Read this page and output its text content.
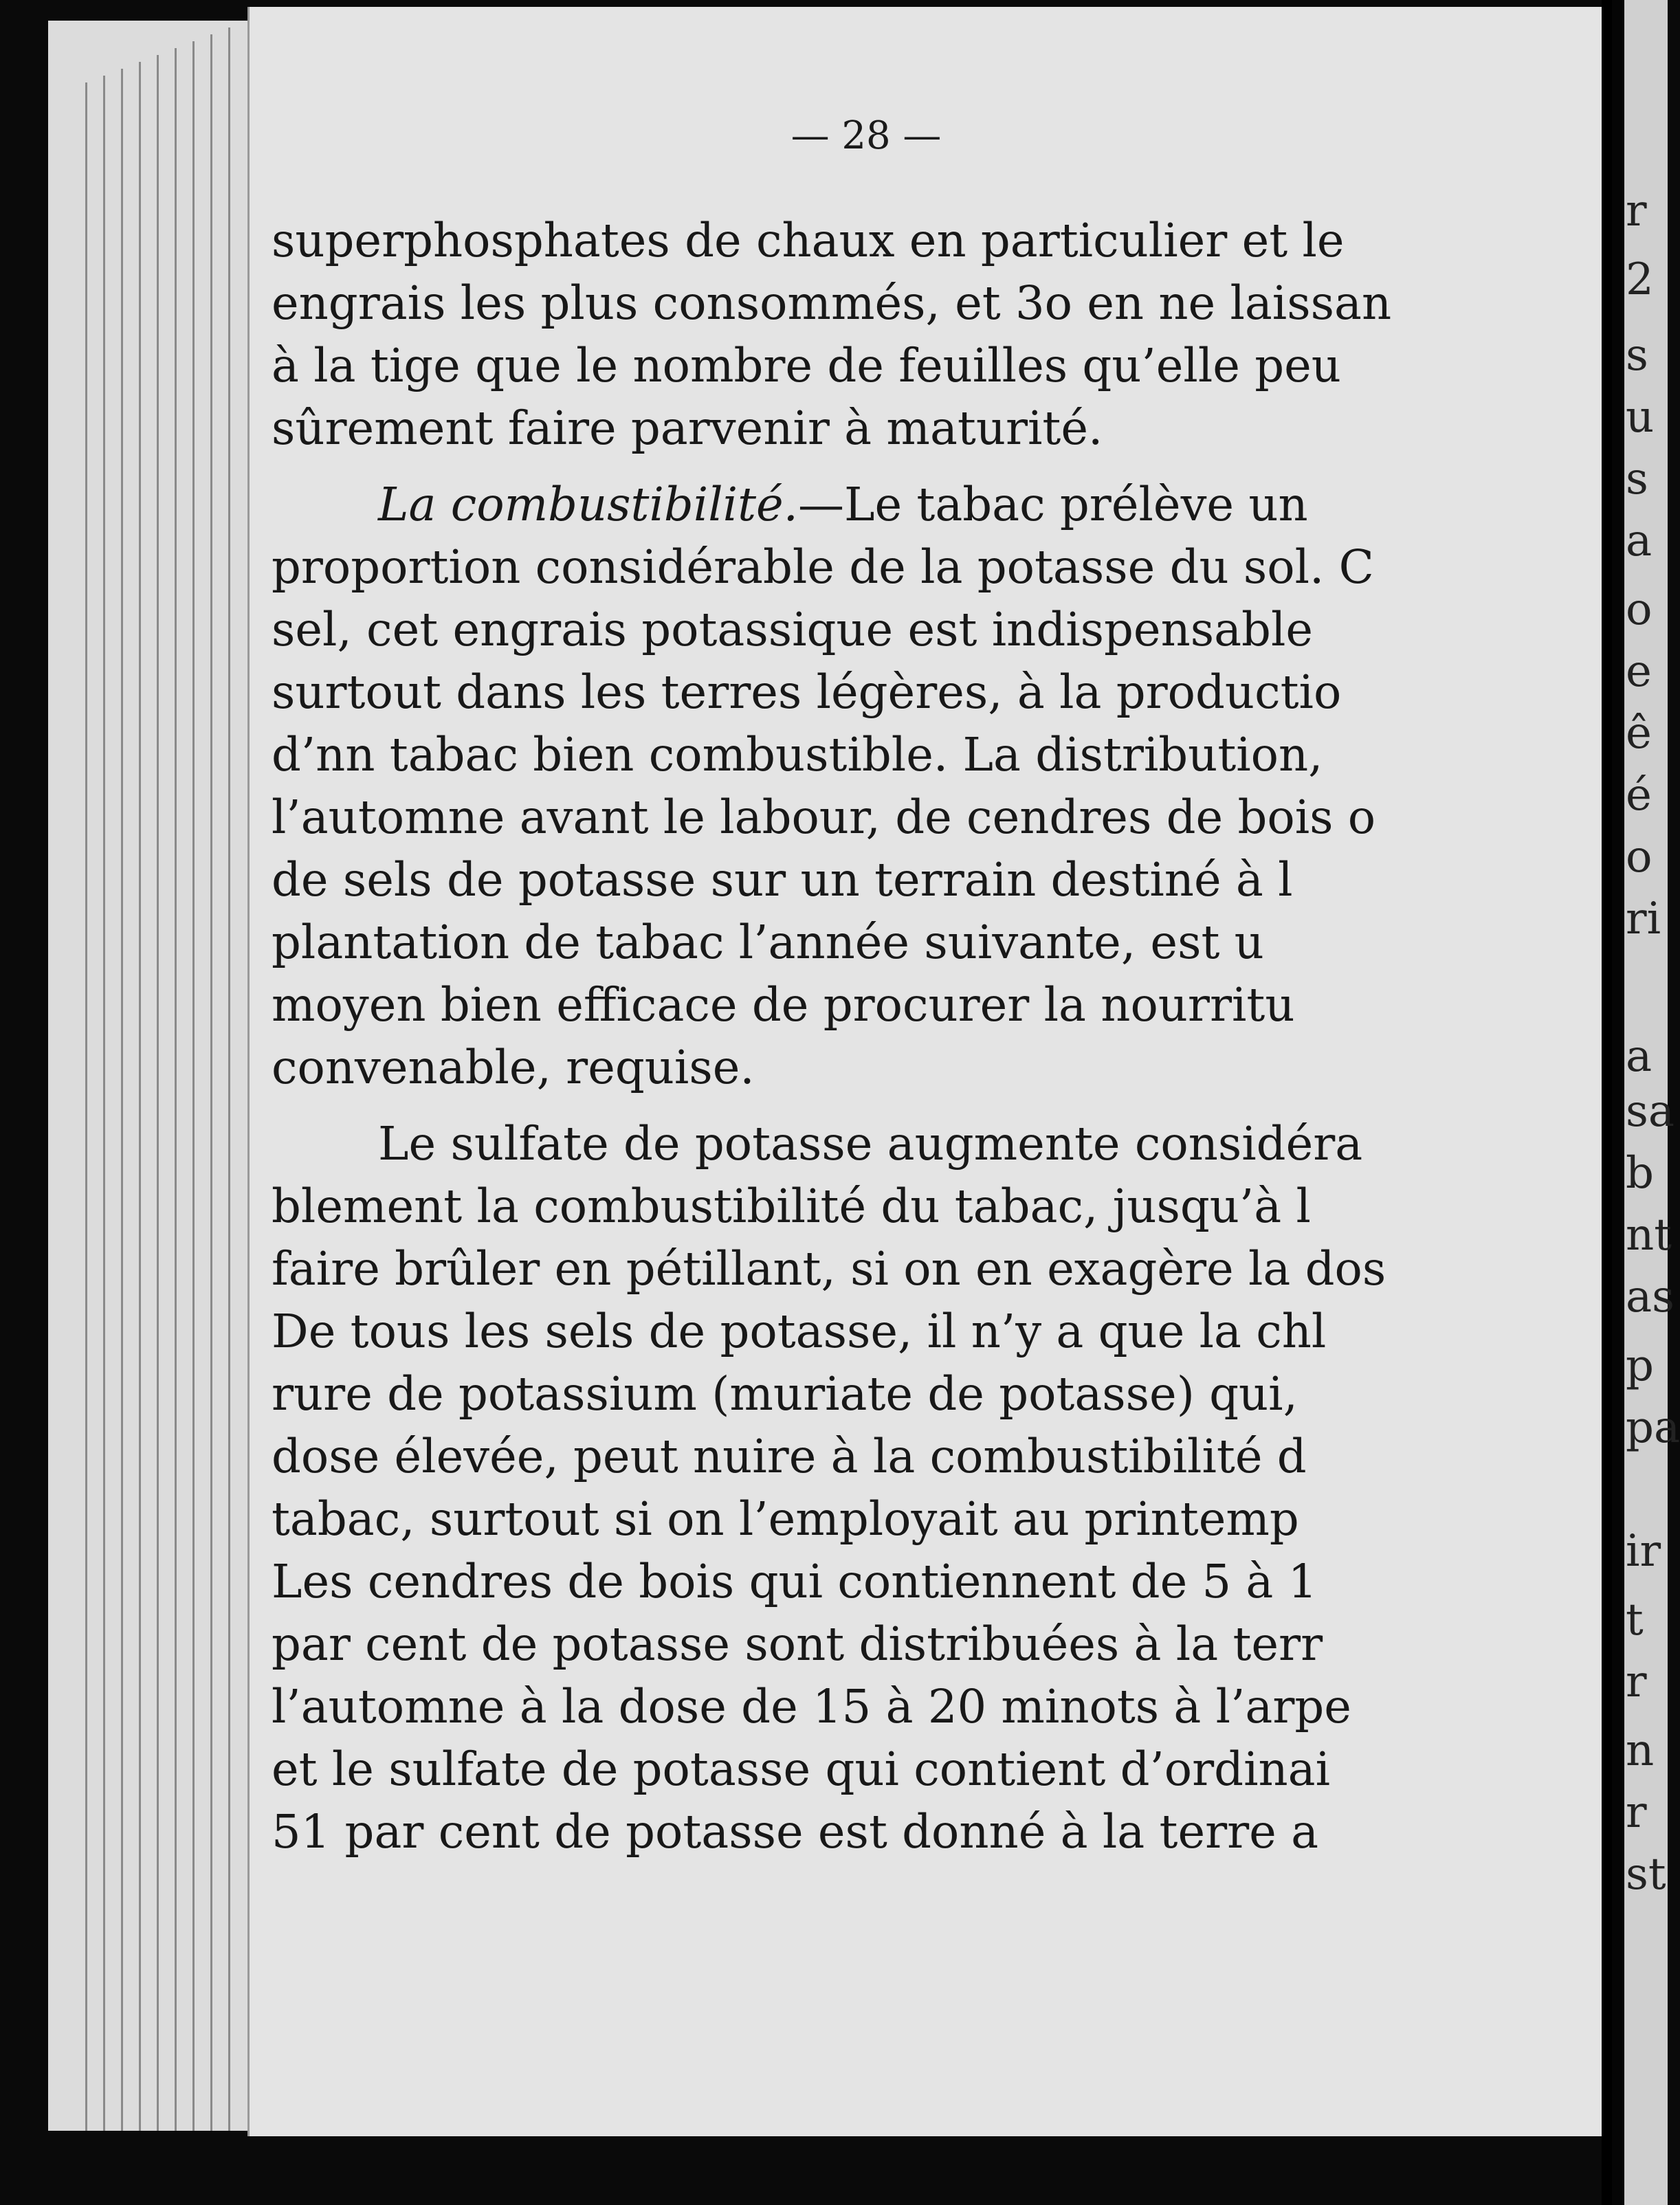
— 28 —
superphosphates de chaux en particulier et le
engrais les plus consommés, et 3o en ne laissan
à la tige que le nombre de feuilles qu’elle peu
sûrement faire parvenir à maturité.
La combustibilité.—Le tabac prélève un
proportion considérable de la potasse du sol. C
sel, cet engrais potassique est indispensable
surtout dans les terres légères, à la productio
d’nn tabac bien combustible. La distribution,
l’automne avant le labour, de cendres de bois o
de sels de potasse sur un terrain destiné à l
plantation de tabac l’année suivante, est u
moyen bien efficace de procurer la nourritu
convenable, requise.
Le sulfate de potasse augmente considéra
blement la combustibilité du tabac, jusqu’à l
faire brûler en pétillant, si on en exagère la dos
De tous les sels de potasse, il n’y a que la chl
rure de potassium (muriate de potasse) qui,
dose élevée, peut nuire à la combustibilité d
tabac, surtout si on l’employait au printemp
Les cendres de bois qui contiennent de 5 à 1
par cent de potasse sont distribuées à la terr
l’automne à la dose de 15 à 20 minots à l’arpe
et le sulfate de potasse qui contient d’ordinai
51 par cent de potasse est donné à la terre a
r
2
s
u
s
a
o
e
ê
é
o
ri
a
sa
b
nt
as
p
pa
ir
t
r
n
r
st
